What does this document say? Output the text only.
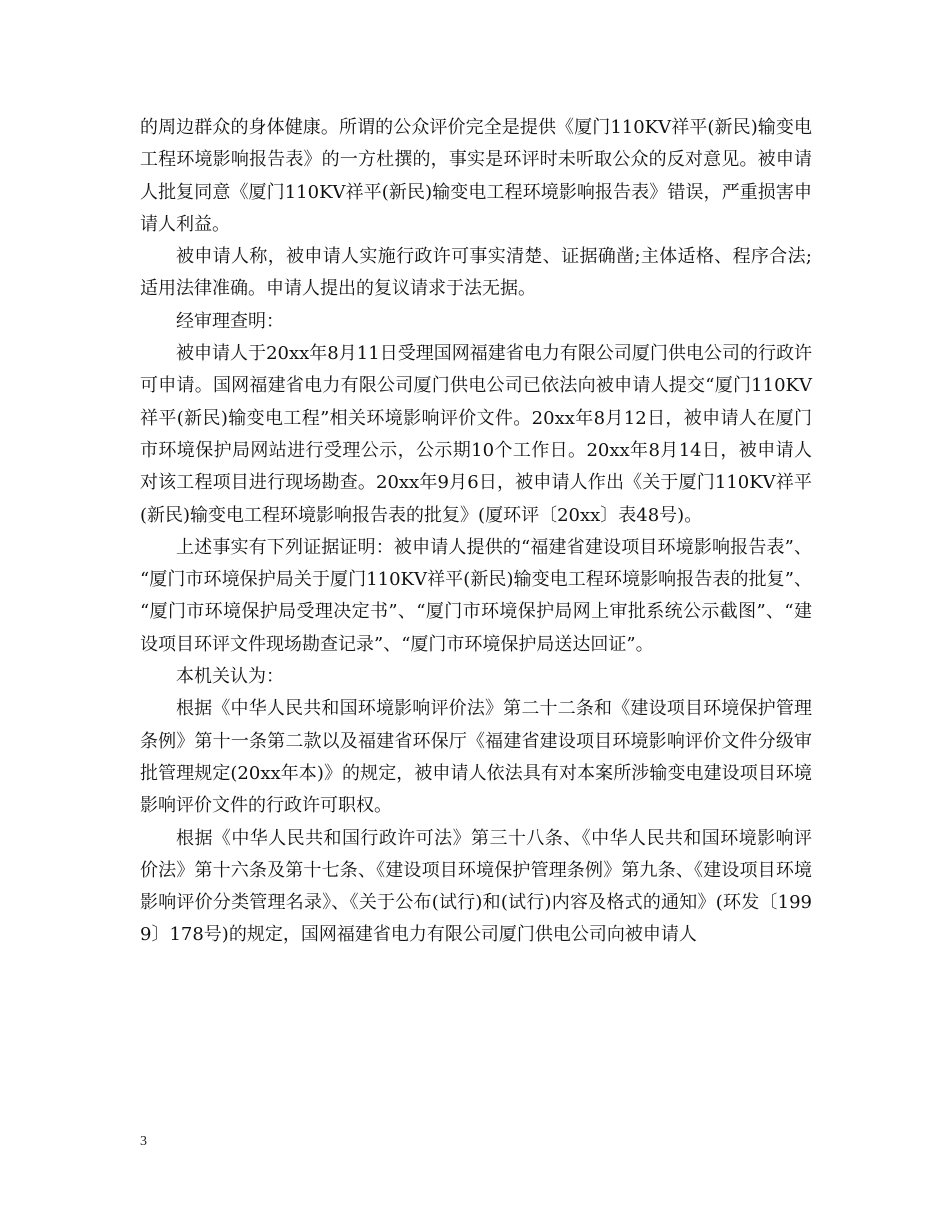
的周边群众的身体健康。所谓的公众评价完全是提供《厦门110KV祥平(新民)输变电工程环境影响报告表》的一方杜撰的，事实是环评时未听取公众的反对意见。被申请人批复同意《厦门110KV祥平(新民)输变电工程环境影响报告表》错误，严重损害申请人利益。

被申请人称，被申请人实施行政许可事实清楚、证据确凿;主体适格、程序合法;适用法律准确。申请人提出的复议请求于法无据。

经审理查明：

被申请人于20xx年8月11日受理国网福建省电力有限公司厦门供电公司的行政许可申请。国网福建省电力有限公司厦门供电公司已依法向被申请人提交“厦门110KV祥平(新民)输变电工程”相关环境影响评价文件。20xx年8月12日，被申请人在厦门市环境保护局网站进行受理公示，公示期10个工作日。20xx年8月14日，被申请人对该工程项目进行现场勘查。20xx年9月6日，被申请人作出《关于厦门110KV祥平(新民)输变电工程环境影响报告表的批复》(厦环评〔20xx〕表48号)。

上述事实有下列证据证明：被申请人提供的“福建省建设项目环境影响报告表”、“厦门市环境保护局关于厦门110KV祥平(新民)输变电工程环境影响报告表的批复”、“厦门市环境保护局受理决定书”、“厦门市环境保护局网上审批系统公示截图”、“建设项目环评文件现场勘查记录”、“厦门市环境保护局送达回证”。

本机关认为：

根据《中华人民共和国环境影响评价法》第二十二条和《建设项目环境保护管理条例》第十一条第二款以及福建省环保厅《福建省建设项目环境影响评价文件分级审批管理规定(20xx年本)》的规定，被申请人依法具有对本案所涉输变电建设项目环境影响评价文件的行政许可职权。

根据《中华人民共和国行政许可法》第三十八条、《中华人民共和国环境影响评价法》第十六条及第十七条、《建设项目环境保护管理条例》第九条、《建设项目环境影响评价分类管理名录》、《关于公布(试行)和(试行)内容及格式的通知》(环发〔1999〕178号)的规定，国网福建省电力有限公司厦门供电公司向被申请人

3
